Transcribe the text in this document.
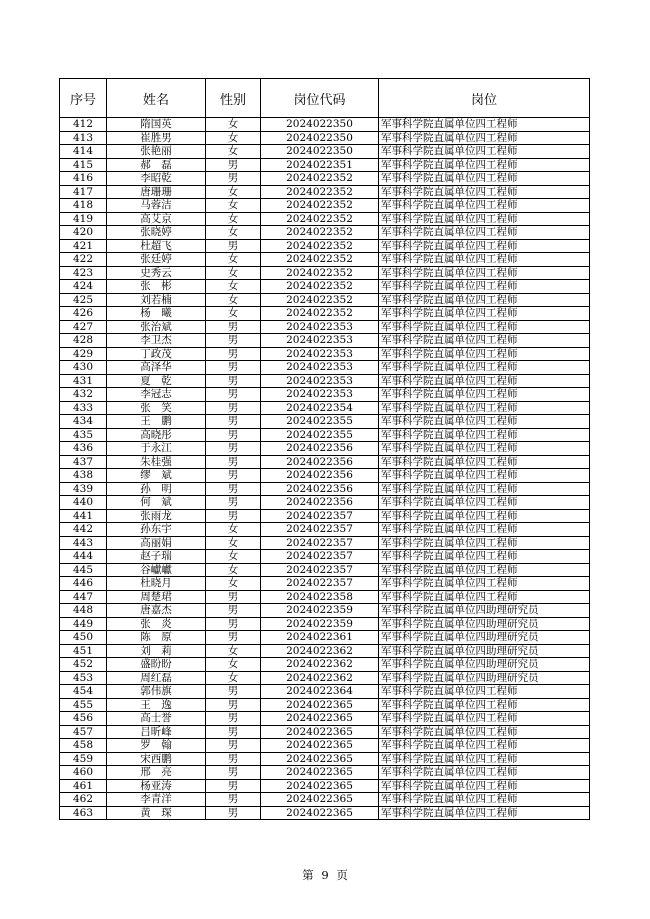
序号	姓名	性别	岗位代码	岗位
412	隋国英	女	2024022350	军事科学院直属单位四工程师
413	崔胜男	女	2024022350	军事科学院直属单位四工程师
414	张艳丽	女	2024022350	军事科学院直属单位四工程师
415	郝　磊	男	2024022351	军事科学院直属单位四工程师
416	李昭乾	男	2024022352	军事科学院直属单位四工程师
417	唐珊珊	女	2024022352	军事科学院直属单位四工程师
418	马蓉洁	女	2024022352	军事科学院直属单位四工程师
419	高艾京	女	2024022352	军事科学院直属单位四工程师
420	张晓婷	女	2024022352	军事科学院直属单位四工程师
421	杜超飞	男	2024022352	军事科学院直属单位四工程师
422	张廷婷	女	2024022352	军事科学院直属单位四工程师
423	史秀云	女	2024022352	军事科学院直属单位四工程师
424	张　彬	女	2024022352	军事科学院直属单位四工程师
425	刘若楠	女	2024022352	军事科学院直属单位四工程师
426	杨　曦	女	2024022352	军事科学院直属单位四工程师
427	张治斌	男	2024022353	军事科学院直属单位四工程师
428	李卫杰	男	2024022353	军事科学院直属单位四工程师
429	丁政茂	男	2024022353	军事科学院直属单位四工程师
430	高泽华	男	2024022353	军事科学院直属单位四工程师
431	夏　乾	男	2024022353	军事科学院直属单位四工程师
432	李冠志	男	2024022353	军事科学院直属单位四工程师
433	张　笑	男	2024022354	军事科学院直属单位四工程师
434	王　鹏	男	2024022355	军事科学院直属单位四工程师
435	高晓彤	男	2024022355	军事科学院直属单位四工程师
436	于永江	男	2024022356	军事科学院直属单位四工程师
437	朱桂强	男	2024022356	军事科学院直属单位四工程师
438	缪　斌	男	2024022356	军事科学院直属单位四工程师
439	孙　明	男	2024022356	军事科学院直属单位四工程师
440	何　斌	男	2024022356	军事科学院直属单位四工程师
441	张雨龙	男	2024022357	军事科学院直属单位四工程师
442	孙东宇	女	2024022357	军事科学院直属单位四工程师
443	高丽娟	女	2024022357	军事科学院直属单位四工程师
444	赵子瑞	女	2024022357	军事科学院直属单位四工程师
445	谷巘巘	女	2024022357	军事科学院直属单位四工程师
446	杜晓月	女	2024022357	军事科学院直属单位四工程师
447	周楚珺	男	2024022358	军事科学院直属单位四工程师
448	唐嘉杰	男	2024022359	军事科学院直属单位四助理研究员
449	张　炎	男	2024022359	军事科学院直属单位四助理研究员
450	陈　原	男	2024022361	军事科学院直属单位四助理研究员
451	刘　莉	女	2024022362	军事科学院直属单位四助理研究员
452	盛盼盼	女	2024022362	军事科学院直属单位四助理研究员
453	周红磊	女	2024022362	军事科学院直属单位四助理研究员
454	郭伟旗	男	2024022364	军事科学院直属单位四工程师
455	王　逸	男	2024022365	军事科学院直属单位四工程师
456	高士誉	男	2024022365	军事科学院直属单位四工程师
457	吕昕峰	男	2024022365	军事科学院直属单位四工程师
458	罗　翰	男	2024022365	军事科学院直属单位四工程师
459	宋西鹏	男	2024022365	军事科学院直属单位四工程师
460	邢　亮	男	2024022365	军事科学院直属单位四工程师
461	杨亚涛	男	2024022365	军事科学院直属单位四工程师
462	李青洋	男	2024022365	军事科学院直属单位四工程师
463	黄　琛	男	2024022365	军事科学院直属单位四工程师
第 9 页
